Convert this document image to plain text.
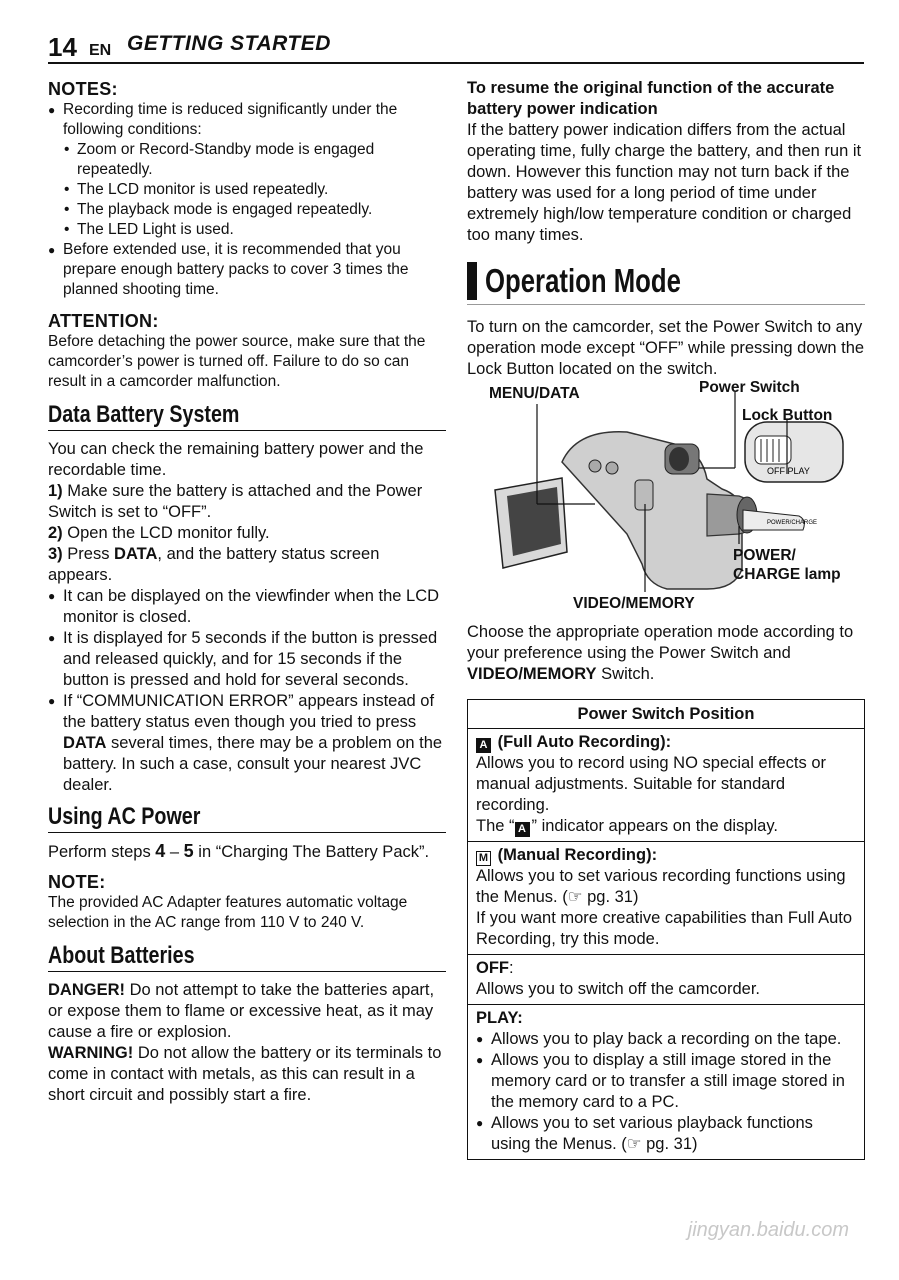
14 EN GETTING STARTED
NOTES:
● Recording time is reduced significantly under the following conditions:
• Zoom or Record-Standby mode is engaged repeatedly.
• The LCD monitor is used repeatedly.
• The playback mode is engaged repeatedly.
• The LED Light is used.
● Before extended use, it is recommended that you prepare enough battery packs to cover 3 times the planned shooting time.
ATTENTION:
Before detaching the power source, make sure that the camcorder’s power is turned off. Failure to do so can result in a camcorder malfunction.
Data Battery System
You can check the remaining battery power and the recordable time.
1) Make sure the battery is attached and the Power Switch is set to “OFF”.
2) Open the LCD monitor fully.
3) Press DATA, and the battery status screen appears.
● It can be displayed on the viewfinder when the LCD monitor is closed.
● It is displayed for 5 seconds if the button is pressed and released quickly, and for 15 seconds if the button is pressed and hold for several seconds.
● If “COMMUNICATION ERROR” appears instead of the battery status even though you tried to press DATA several times, there may be a problem on the battery. In such a case, consult your nearest JVC dealer.
Using AC Power
Perform steps 4 – 5 in “Charging The Battery Pack”.
NOTE:
The provided AC Adapter features automatic voltage selection in the AC range from 110 V to 240 V.
About Batteries
DANGER! Do not attempt to take the batteries apart, or expose them to flame or excessive heat, as it may cause a fire or explosion.
WARNING! Do not allow the battery or its terminals to come in contact with metals, as this can result in a short circuit and possibly start a fire.
To resume the original function of the accurate battery power indication
If the battery power indication differs from the actual operating time, fully charge the battery, and then run it down. However this function may not turn back if the battery was used for a long period of time under extremely high/low temperature condition or charged too many times.
Operation Mode
To turn on the camcorder, set the Power Switch to any operation mode except “OFF” while pressing down the Lock Button located on the switch.
OFF PLAY
POWER/CHARGE
MENU/DATA	Power Switch
Lock Button
POWER/
CHARGE lamp
VIDEO/MEMORY
Choose the appropriate operation mode according to your preference using the Power Switch and VIDEO/MEMORY Switch.
Power Switch Position
A (Full Auto Recording):
Allows you to record using NO special effects or manual adjustments. Suitable for standard recording.
The “ A ” indicator appears on the display.
M (Manual Recording):
Allows you to set various recording functions using the Menus. (☞ pg. 31)
If you want more creative capabilities than Full Auto Recording, try this mode.
OFF:
Allows you to switch off the camcorder.
PLAY:
● Allows you to play back a recording on the tape.
● Allows you to display a still image stored in the memory card or to transfer a still image stored in the memory card to a PC.
● Allows you to set various playback functions using the Menus. (☞ pg. 31)
jingyan.baidu.com
